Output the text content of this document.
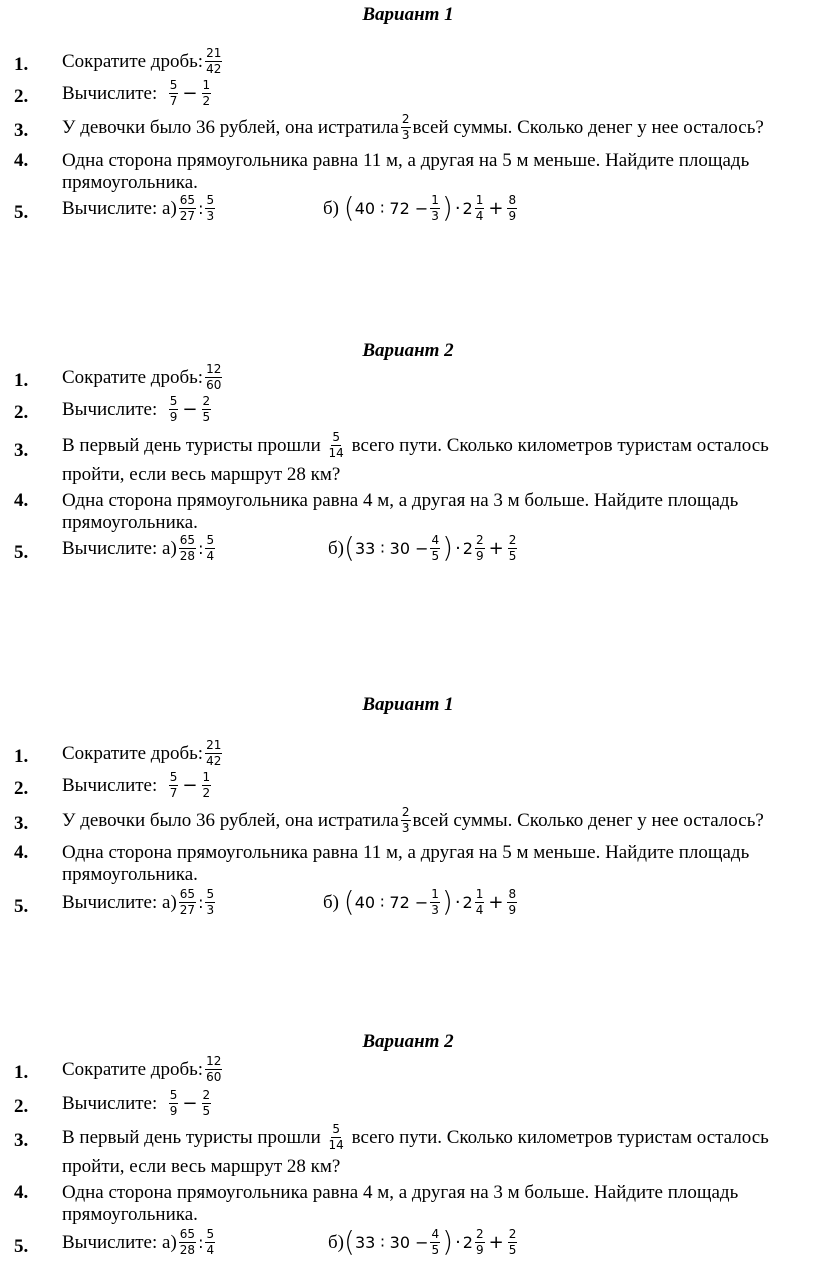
Вариант 1
1. Сократите дробь: $\frac{21}{42}$
2. Вычислите: $\frac{5}{7} - \frac{1}{2}$
3. У девочки было 36 рублей, она истратила $\frac{2}{3}$ всей суммы. Сколько денег у нее осталось?
4. Одна сторона прямоугольника равна 11 м, а другая на 5 м меньше. Найдите площадь
прямоугольника.
5. Вычислите: $а) \frac{65}{27}$ : $\frac{5}{3}$	б) (40 ∶ $72 - \frac{1}{3}$ ) · $2 \frac{1}{4} + \frac{8}{9}$
Вариант 2
1. Сократите дробь: $\frac{12}{60}$
2. Вычислите: $\frac{5}{9} - \frac{2}{5}$
3. В первый день туристы прошли $\frac{5}{14}$ всего пути. Сколько километров туристам осталось
пройти, если весь маршрут 28 км?
4. Одна сторона прямоугольника равна 4 м, а другая на 3 м больше. Найдите площадь
прямоугольника.
5. Вычислите: $а) \frac{65}{28}$ : $\frac{5}{4}$	б)(33 ∶ $30 - \frac{4}{5}$ ) · $2 \frac{2}{9} + \frac{2}{5}$
Вариант 1
1. Сократите дробь: $\frac{21}{42}$
2. Вычислите: $\frac{5}{7} - \frac{1}{2}$
3. У девочки было 36 рублей, она истратила $\frac{2}{3}$ всей суммы. Сколько денег у нее осталось?
4. Одна сторона прямоугольника равна 11 м, а другая на 5 м меньше. Найдите площадь
прямоугольника.
5. Вычислите: $а) \frac{65}{27}$ : $\frac{5}{3}$	б) (40 ∶ $72 - \frac{1}{3}$ ) · $2 \frac{1}{4} + \frac{8}{9}$
Вариант 2
1. Сократите дробь: $\frac{12}{60}$
2. Вычислите: $\frac{5}{9} - \frac{2}{5}$
3. В первый день туристы прошли $\frac{5}{14}$ всего пути. Сколько километров туристам осталось
пройти, если весь маршрут 28 км?
4. Одна сторона прямоугольника равна 4 м, а другая на 3 м больше. Найдите площадь
прямоугольника.
5. Вычислите: $а) \frac{65}{28}$ : $\frac{5}{4}$	б)(33 ∶ $30 - \frac{4}{5}$ ) · $2 \frac{2}{9} + \frac{2}{5}$
